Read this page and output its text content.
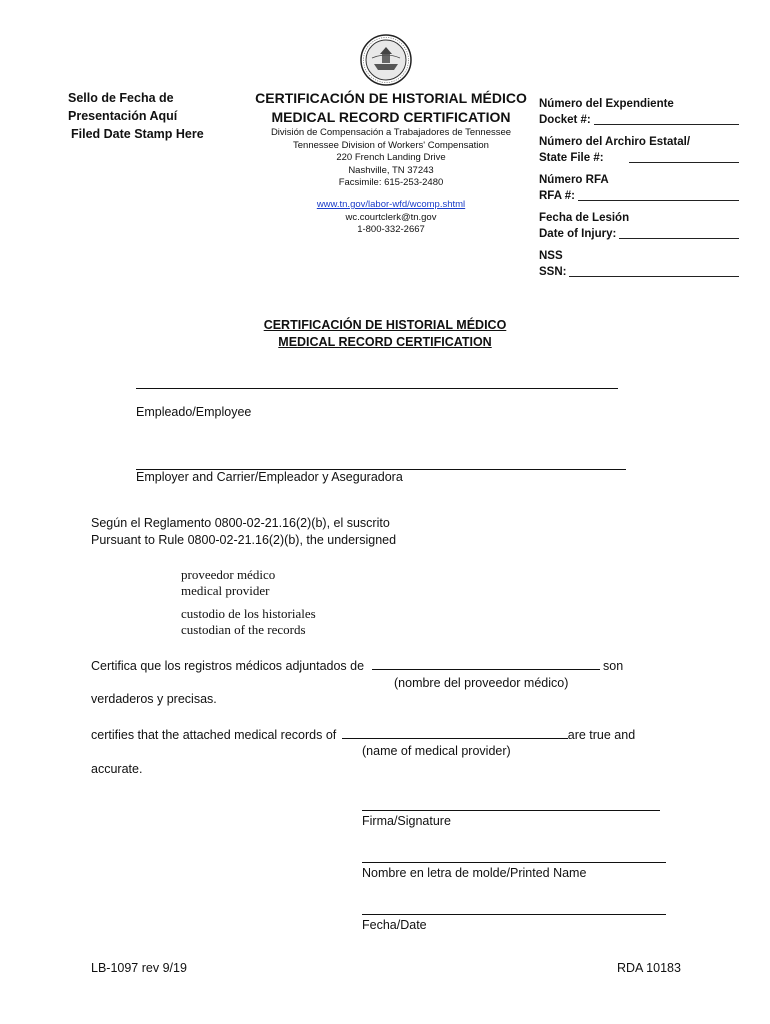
Sello de Fecha de
Presentación Aquí
Filed Date Stamp Here
CERTIFICACIÓN DE HISTORIAL MÉDICO
MEDICAL RECORD CERTIFICATION
División de Compensación a Trabajadores de Tennessee
Tennessee Division of Workers' Compensation
220 French Landing Drive
Nashville, TN 37243
Facsimile: 615-253-2480
www.tn.gov/labor-wfd/wcomp.shtml
wc.courtclerk@tn.gov
1-800-332-2667
Número del Expendiente
Docket #:
Número del Archiro Estatal/
State File #:
Número RFA
RFA #:
Fecha de Lesión
Date of Injury:
NSS
SSN:
CERTIFICACIÓN DE HISTORIAL MÉDICO
MEDICAL RECORD CERTIFICATION
Empleado/Employee
Employer and Carrier/Empleador y Aseguradora
Según el Reglamento 0800-02-21.16(2)(b), el suscrito
Pursuant to Rule 0800-02-21.16(2)(b), the undersigned
proveedor médico
medical provider
custodio de los historiales
custodian of the records
Certifica que los registros médicos adjuntados de	son
(nombre del proveedor médico)
verdaderos y precisas.
certifies that the attached medical records of	are true and
(name of medical provider)
accurate.
Firma/Signature
Nombre en letra de molde/Printed Name
Fecha/Date
LB-1097 rev 9/19	RDA 10183
